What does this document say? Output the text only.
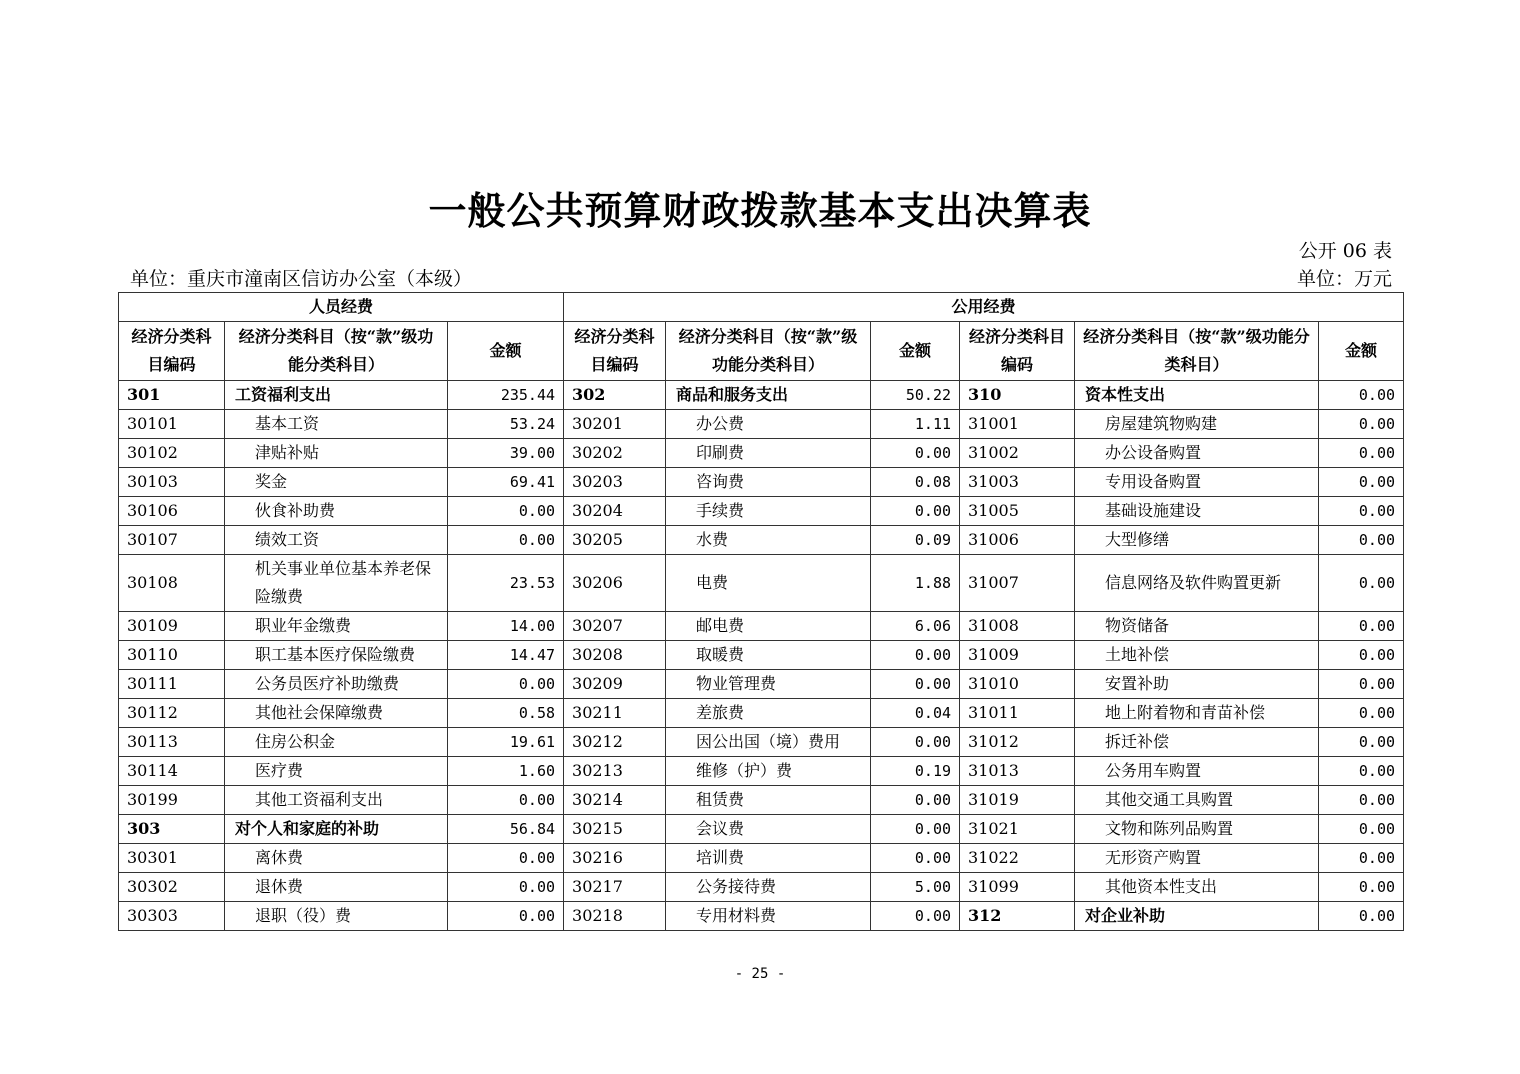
一般公共预算财政拨款基本支出决算表
公开 06 表
单位：重庆市潼南区信访办公室（本级）	单位：万元
人员经费			公用经费					
经济分类科目编码	经济分类科目（按“款”级功能分类科目）	金额	经济分类科目编码	经济分类科目（按“款”级功能分类科目）	金额	经济分类科目编码	经济分类科目（按“款”级功能分类科目）	金额
301	工资福利支出	235.44	302	商品和服务支出	50.22	310	资本性支出	0.00
30101	基本工资	53.24	30201	办公费	1.11	31001	房屋建筑物购建	0.00
30102	津贴补贴	39.00	30202	印刷费	0.00	31002	办公设备购置	0.00
30103	奖金	69.41	30203	咨询费	0.08	31003	专用设备购置	0.00
30106	伙食补助费	0.00	30204	手续费	0.00	31005	基础设施建设	0.00
30107	绩效工资	0.00	30205	水费	0.09	31006	大型修缮	0.00
30108	机关事业单位基本养老保险缴费	23.53	30206	电费	1.88	31007	信息网络及软件购置更新	0.00
30109	职业年金缴费	14.00	30207	邮电费	6.06	31008	物资储备	0.00
30110	职工基本医疗保险缴费	14.47	30208	取暖费	0.00	31009	土地补偿	0.00
30111	公务员医疗补助缴费	0.00	30209	物业管理费	0.00	31010	安置补助	0.00
30112	其他社会保障缴费	0.58	30211	差旅费	0.04	31011	地上附着物和青苗补偿	0.00
30113	住房公积金	19.61	30212	因公出国（境）费用	0.00	31012	拆迁补偿	0.00
30114	医疗费	1.60	30213	维修（护）费	0.19	31013	公务用车购置	0.00
30199	其他工资福利支出	0.00	30214	租赁费	0.00	31019	其他交通工具购置	0.00
303	对个人和家庭的补助	56.84	30215	会议费	0.00	31021	文物和陈列品购置	0.00
30301	离休费	0.00	30216	培训费	0.00	31022	无形资产购置	0.00
30302	退休费	0.00	30217	公务接待费	5.00	31099	其他资本性支出	0.00
30303	退职（役）费	0.00	30218	专用材料费	0.00	312	对企业补助	0.00
- 25 -
